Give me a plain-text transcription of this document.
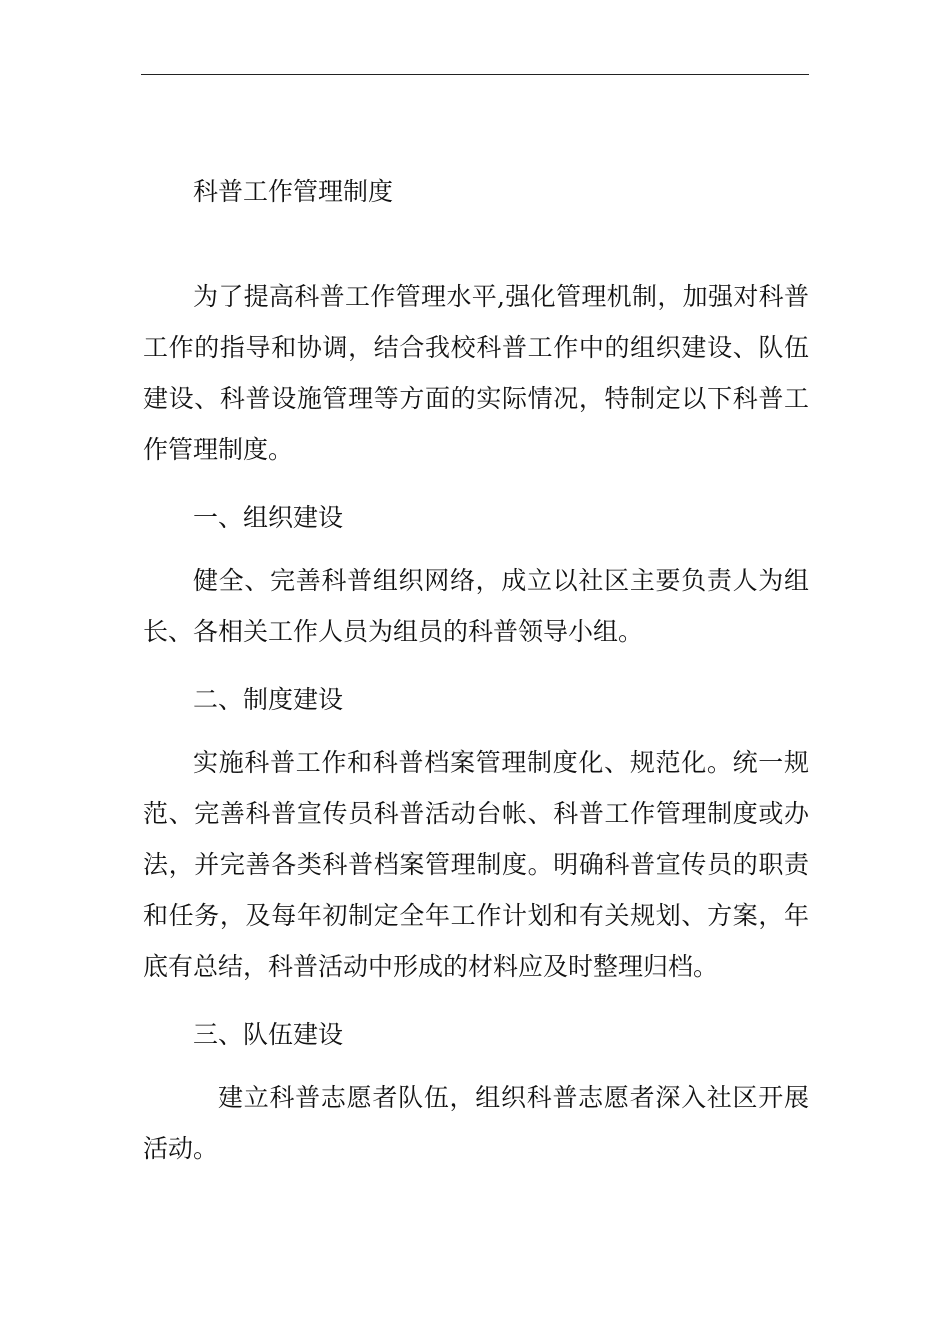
科普工作管理制度

为了提高科普工作管理水平,强化管理机制，加强对科普工作的指导和协调，结合我校科普工作中的组织建设、队伍建设、科普设施管理等方面的实际情况，特制定以下科普工作管理制度。

一、组织建设

健全、完善科普组织网络，成立以社区主要负责人为组长、各相关工作人员为组员的科普领导小组。

二、制度建设

实施科普工作和科普档案管理制度化、规范化。统一规范、完善科普宣传员科普活动台帐、科普工作管理制度或办法，并完善各类科普档案管理制度。明确科普宣传员的职责和任务，及每年初制定全年工作计划和有关规划、方案，年底有总结，科普活动中形成的材料应及时整理归档。

三、队伍建设

建立科普志愿者队伍，组织科普志愿者深入社区开展活动。
